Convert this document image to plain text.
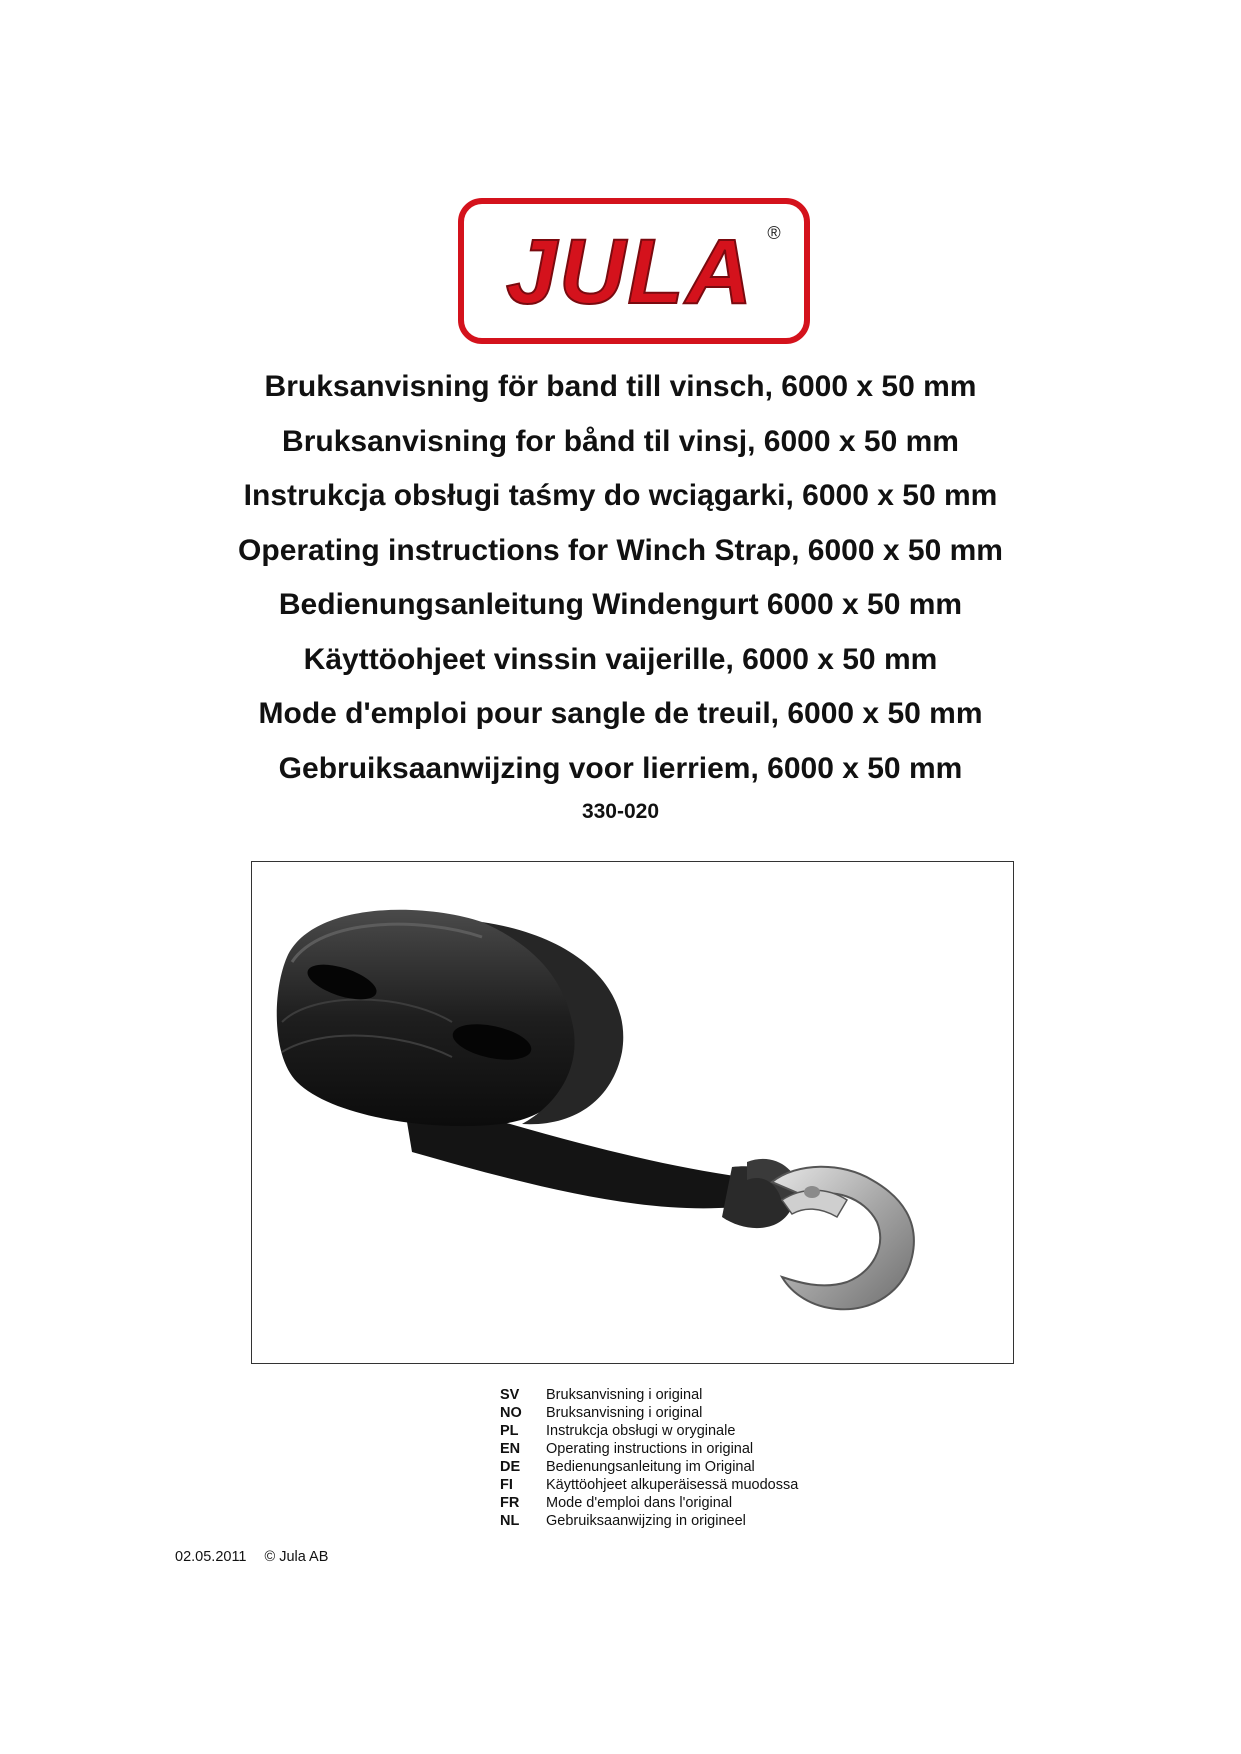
JULA ®

Bruksanvisning för band till vinsch, 6000 x 50 mm

Bruksanvisning for bånd til vinsj, 6000 x 50 mm

Instrukcja obsługi taśmy do wciągarki, 6000 x 50 mm

Operating instructions for Winch Strap, 6000 x 50 mm

Bedienungsanleitung Windengurt 6000 x 50 mm

Käyttöohjeet vinssin vaijerille, 6000 x 50 mm

Mode d'emploi pour sangle de treuil, 6000 x 50 mm

Gebruiksaanwijzing voor lierriem, 6000 x 50 mm

330-020
SV Bruksanvisning i original
NO Bruksanvisning i original
PL Instrukcja obsługi w oryginale
EN Operating instructions in original
DE Bedienungsanleitung im Original
FI Käyttöohjeet alkuperäisessä muodossa
FR Mode d'emploi dans l'original
NL Gebruiksaanwijzing in origineel
02.05.2011 © Jula AB
